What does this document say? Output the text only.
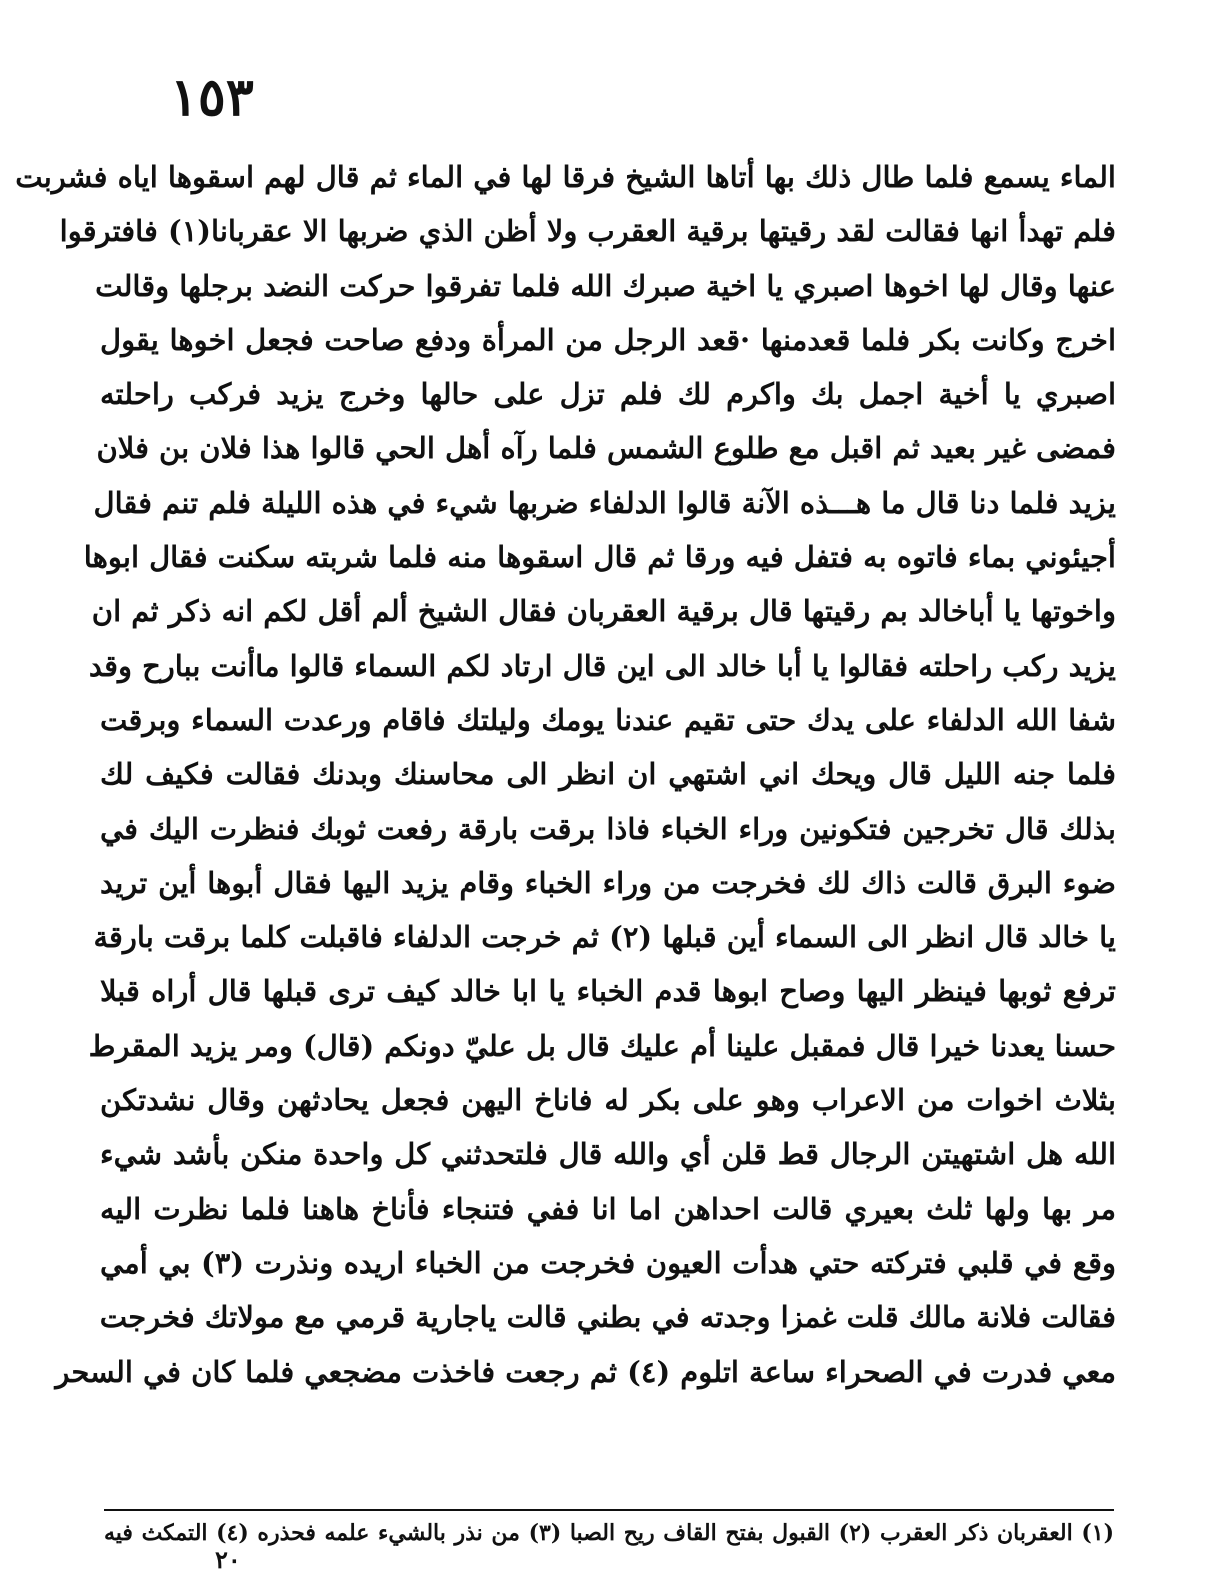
١٥٣
الماء يسمع فلما طال ذلك بها أتاها الشيخ فرقا لها في الماء ثم قال لهم اسقوها اياه فشربت
فلم تهدأ انها فقالت لقد رقيتها برقية العقرب ولا أظن الذي ضربها الا عقربانا(١) فافترقوا
عنها وقال لها اخوها اصبري يا اخية صبرك الله فلما تفرقوا حركت النضد برجلها وقالت
اخرج وكانت بكر فلما قعدمنها ·قعد الرجل من المرأة ودفع صاحت فجعل اخوها يقول
اصبري يا أخية اجمل بك واكرم لك فلم تزل على حالها وخرج يزيد فركب راحلته
فمضى غير بعيد ثم اقبل مع طلوع الشمس فلما رآه أهل الحي قالوا هذا فلان بن فلان
يزيد فلما دنا قال ما هـــذه الآنة قالوا الدلفاء ضربها شيء في هذه الليلة فلم تنم فقال
أجيئوني بماء فاتوه به فتفل فيه ورقا ثم قال اسقوها منه فلما شربته سكنت فقال ابوها
واخوتها يا أباخالد بم رقيتها قال برقية العقربان فقال الشيخ ألم أقل لكم انه ذكر ثم ان
يزيد ركب راحلته فقالوا يا أبا خالد الى اين قال ارتاد لكم السماء قالوا ماأنت ببارح وقد
شفا الله الدلفاء على يدك حتى تقيم عندنا يومك وليلتك فاقام ورعدت السماء وبرقت
فلما جنه الليل قال ويحك اني اشتهي ان انظر الى محاسنك وبدنك فقالت فكيف لك
بذلك قال تخرجين فتكونين وراء الخباء فاذا برقت بارقة رفعت ثوبك فنظرت اليك في
ضوء البرق قالت ذاك لك فخرجت من وراء الخباء وقام يزيد اليها فقال أبوها أين تريد
يا خالد قال انظر الى السماء أين قبلها (٢) ثم خرجت الدلفاء فاقبلت كلما برقت بارقة
ترفع ثوبها فينظر اليها وصاح ابوها قدم الخباء يا ابا خالد كيف ترى قبلها قال أراه قبلا
حسنا يعدنا خيرا قال فمقبل علينا أم عليك قال بل عليّ دونكم (قال) ومر يزيد المقرط
بثلاث اخوات من الاعراب وهو على بكر له فاناخ اليهن فجعل يحادثهن وقال نشدتكن
الله هل اشتهيتن الرجال قط قلن أي والله قال فلتحدثني كل واحدة منكن بأشد شيء
مر بها ولها ثلث بعيري قالت احداهن اما انا ففي فتنجاء فأناخ هاهنا فلما نظرت اليه
وقع في قلبي فتركته حتي هدأت العيون فخرجت من الخباء اريده ونذرت (٣) بي أمي
فقالت فلانة مالك قلت غمزا وجدته في بطني قالت ياجارية قرمي مع مولاتك فخرجت
معي فدرت في الصحراء ساعة اتلوم (٤) ثم رجعت فاخذت مضجعي فلما كان في السحر
(١) العقربان ذكر العقرب (٢) القبول بفتح القاف ريح الصبا (٣) من نذر بالشيء علمه فحذره (٤) التمكث فيه
٢٠
